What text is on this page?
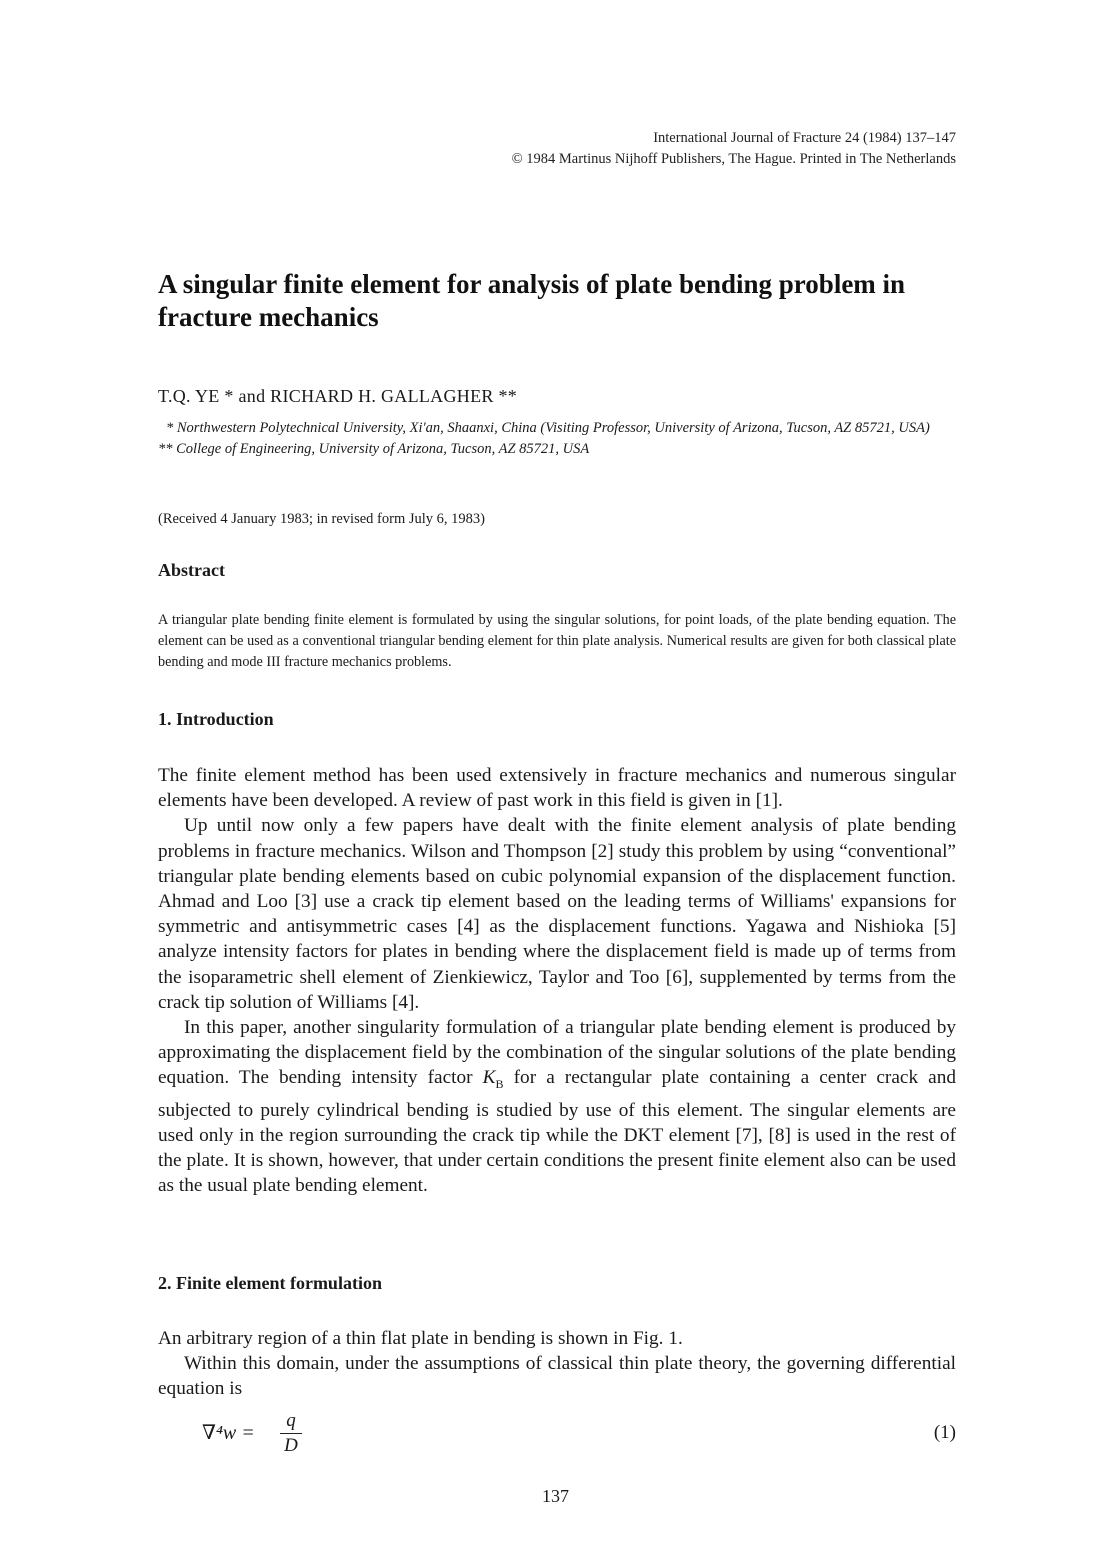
International Journal of Fracture 24 (1984) 137–147
© 1984 Martinus Nijhoff Publishers, The Hague. Printed in The Netherlands
A singular finite element for analysis of plate bending problem in fracture mechanics
T.Q. YE * and RICHARD H. GALLAGHER **
* Northwestern Polytechnical University, Xi'an, Shaanxi, China (Visiting Professor, University of Arizona, Tucson, AZ 85721, USA)
** College of Engineering, University of Arizona, Tucson, AZ 85721, USA
(Received 4 January 1983; in revised form July 6, 1983)
Abstract

A triangular plate bending finite element is formulated by using the singular solutions, for point loads, of the plate bending equation. The element can be used as a conventional triangular bending element for thin plate analysis. Numerical results are given for both classical plate bending and mode III fracture mechanics problems.

1. Introduction

The finite element method has been used extensively in fracture mechanics and numerous singular elements have been developed. A review of past work in this field is given in [1].

Up until now only a few papers have dealt with the finite element analysis of plate bending problems in fracture mechanics. Wilson and Thompson [2] study this problem by using “conventional” triangular plate bending elements based on cubic polynomial expansion of the displacement function. Ahmad and Loo [3] use a crack tip element based on the leading terms of Williams' expansions for symmetric and antisymmetric cases [4] as the displacement functions. Yagawa and Nishioka [5] analyze intensity factors for plates in bending where the displacement field is made up of terms from the isoparametric shell element of Zienkiewicz, Taylor and Too [6], supplemented by terms from the crack tip solution of Williams [4].

In this paper, another singularity formulation of a triangular plate bending element is produced by approximating the displacement field by the combination of the singular solutions of the plate bending equation. The bending intensity factor $K_B$ for a rectangular plate containing a center crack and subjected to purely cylindrical bending is studied by use of this element. The singular elements are used only in the region surrounding the crack tip while the DKT element [7], [8] is used in the rest of the plate. It is shown, however, that under certain conditions the present finite element also can be used as the usual plate bending element.

2. Finite element formulation

An arbitrary region of a thin flat plate in bending is shown in Fig. 1.

Within this domain, under the assumptions of classical thin plate theory, the governing differential equation is

∇⁴w =
q
D
(1)
137
